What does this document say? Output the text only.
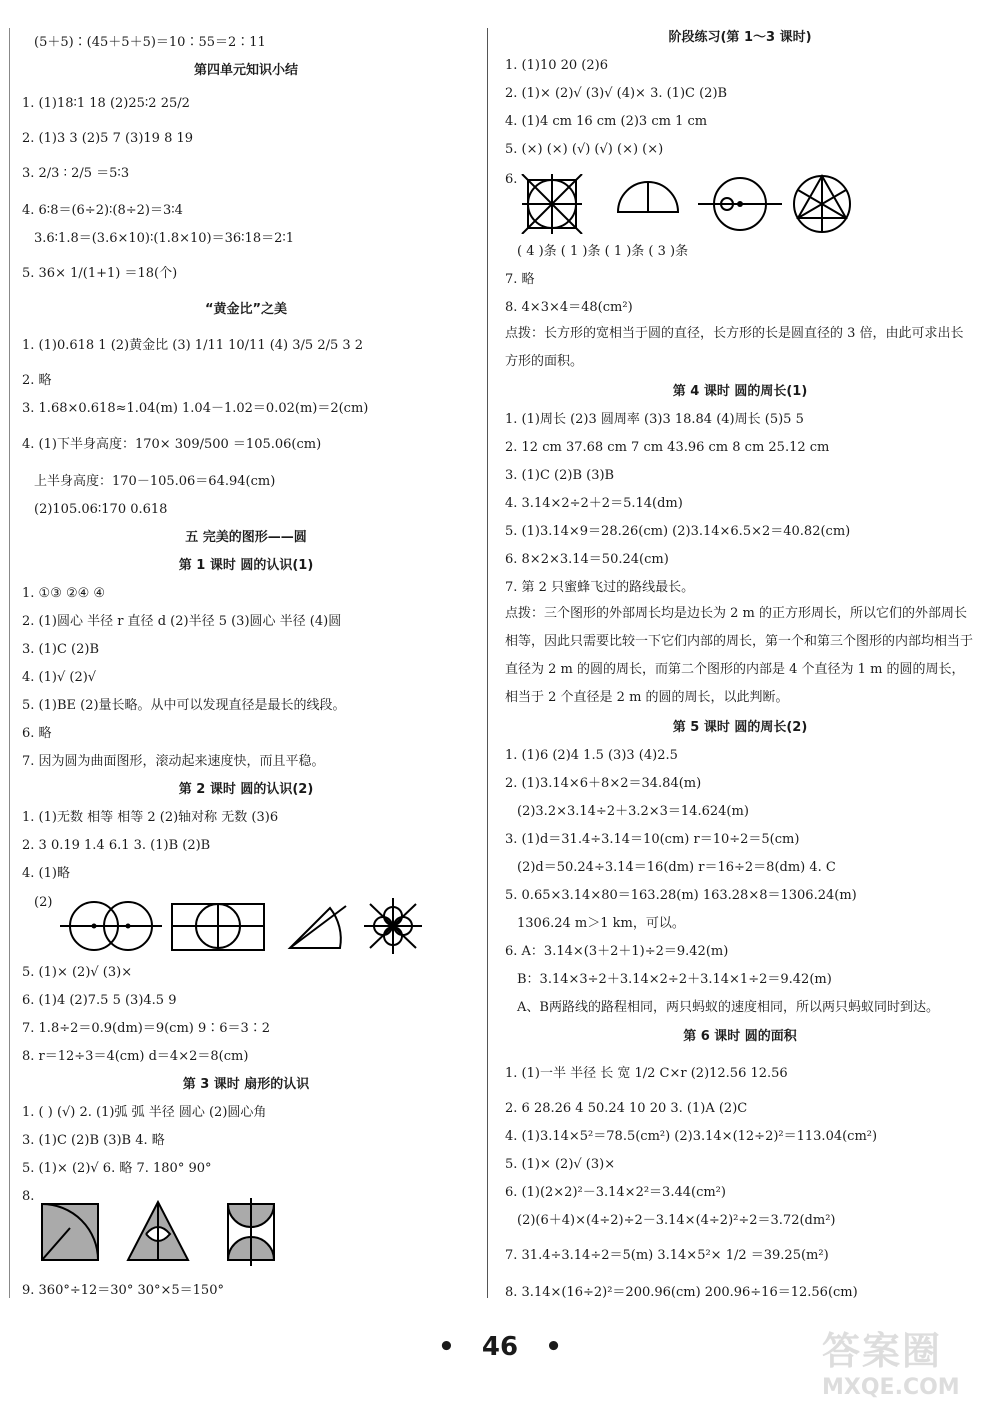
(5＋5)∶(45＋5＋5)＝10∶55＝2∶11
第四单元知识小结
1. (1)18∶1 18 (2)25∶2 25/2
2. (1)3 3 (2)5 7 (3)19 8 19
3. 2/3 ∶ 2/5 ＝5∶3
4. 6∶8＝(6÷2)∶(8÷2)＝3∶4
3.6∶1.8＝(3.6×10)∶(1.8×10)＝36∶18＝2∶1
5. 36× 1/(1+1) ＝18(个)
“黄金比”之美
1. (1)0.618 1 (2)黄金比 (3) 1/11 10/11 (4) 3/5 2/5 3 2
2. 略
3. 1.68×0.618≈1.04(m) 1.04－1.02＝0.02(m)＝2(cm)
4. (1)下半身高度：170× 309/500 ＝105.06(cm)
上半身高度：170－105.06＝64.94(cm)
(2)105.06∶170 0.618
五 完美的图形——圆
第 1 课时 圆的认识(1)
1. ①③ ②④ ④
2. (1)圆心 半径 r 直径 d (2)半径 5 (3)圆心 半径 (4)圆
3. (1)C (2)B
4. (1)√ (2)√
5. (1)BE (2)量长略。从中可以发现直径是最长的线段。
6. 略
7. 因为圆为曲面图形，滚动起来速度快，而且平稳。
第 2 课时 圆的认识(2)
1. (1)无数 相等 相等 2 (2)轴对称 无数 (3)6
2. 3 0.19 1.4 6.1 3. (1)B (2)B
4. (1)略
(2)
5. (1)× (2)√ (3)×
6. (1)4 (2)7.5 5 (3)4.5 9
7. 1.8÷2＝0.9(dm)＝9(cm) 9∶6＝3∶2
8. r＝12÷3＝4(cm) d＝4×2＝8(cm)
第 3 课时 扇形的认识
1. ( ) (√) 2. (1)弧 弧 半径 圆心 (2)圆心角
3. (1)C (2)B (3)B 4. 略
5. (1)× (2)√ 6. 略 7. 180° 90°
8.
9. 360°÷12＝30° 30°×5＝150°
阶段练习(第 1～3 课时)
1. (1)10 20 (2)6
2. (1)× (2)√ (3)√ (4)× 3. (1)C (2)B
4. (1)4 cm 16 cm (2)3 cm 1 cm
5. (×) (×) (√) (√) (×) (×)
6.
( 4 )条 ( 1 )条 ( 1 )条 ( 3 )条
7. 略
8. 4×3×4＝48(cm²)
第 4 课时 圆的周长(1)
1. (1)周长 (2)3 圆周率 (3)3 18.84 (4)周长 (5)5 5
2. 12 cm 37.68 cm 7 cm 43.96 cm 8 cm 25.12 cm
3. (1)C (2)B (3)B
4. 3.14×2÷2＋2＝5.14(dm)
5. (1)3.14×9＝28.26(cm) (2)3.14×6.5×2＝40.82(cm)
6. 8×2×3.14＝50.24(cm)
7. 第 2 只蜜蜂飞过的路线最长。
第 5 课时 圆的周长(2)
1. (1)6 (2)4 1.5 (3)3 (4)2.5
2. (1)3.14×6＋8×2＝34.84(m)
(2)3.2×3.14÷2＋3.2×3＝14.624(m)
3. (1)d＝31.4÷3.14＝10(cm) r＝10÷2＝5(cm)
(2)d＝50.24÷3.14＝16(dm) r＝16÷2＝8(dm) 4. C
5. 0.65×3.14×80＝163.28(m) 163.28×8＝1306.24(m)
1306.24 m＞1 km，可以。
6. A：3.14×(3＋2＋1)÷2＝9.42(m)
B：3.14×3÷2＋3.14×2÷2＋3.14×1÷2＝9.42(m)
A、B两路线的路程相同，两只蚂蚁的速度相同，所以两只蚂蚁同时到达。
第 6 课时 圆的面积
1. (1)一半 半径 长 宽 1/2 C×r (2)12.56 12.56
2. 6 28.26 4 50.24 10 20 3. (1)A (2)C
4. (1)3.14×5²＝78.5(cm²) (2)3.14×(12÷2)²＝113.04(cm²)
5. (1)× (2)√ (3)×
6. (1)(2×2)²－3.14×2²＝3.44(cm²)
(2)(6＋4)×(4÷2)÷2－3.14×(4÷2)²÷2＝3.72(dm²)
7. 31.4÷3.14÷2＝5(m) 3.14×5²× 1/2 ＝39.25(m²)
8. 3.14×(16÷2)²＝200.96(cm) 200.96÷16＝12.56(cm)
点拨：长方形的宽相当于圆的直径，长方形的长是圆直径的 3 倍，由此可求出长方形的面积。
点拨：三个图形的外部周长均是边长为 2 m 的正方形周长，所以它们的外部周长相等，因此只需要比较一下它们内部的周长，第一个和第三个图形的内部均相当于直径为 2 m 的圆的周长，而第二个图形的内部是 4 个直径为 1 m 的圆的周长，相当于 2 个直径是 2 m 的圆的周长，以此判断。
•   46   •	答案圈
MXQE.COM
